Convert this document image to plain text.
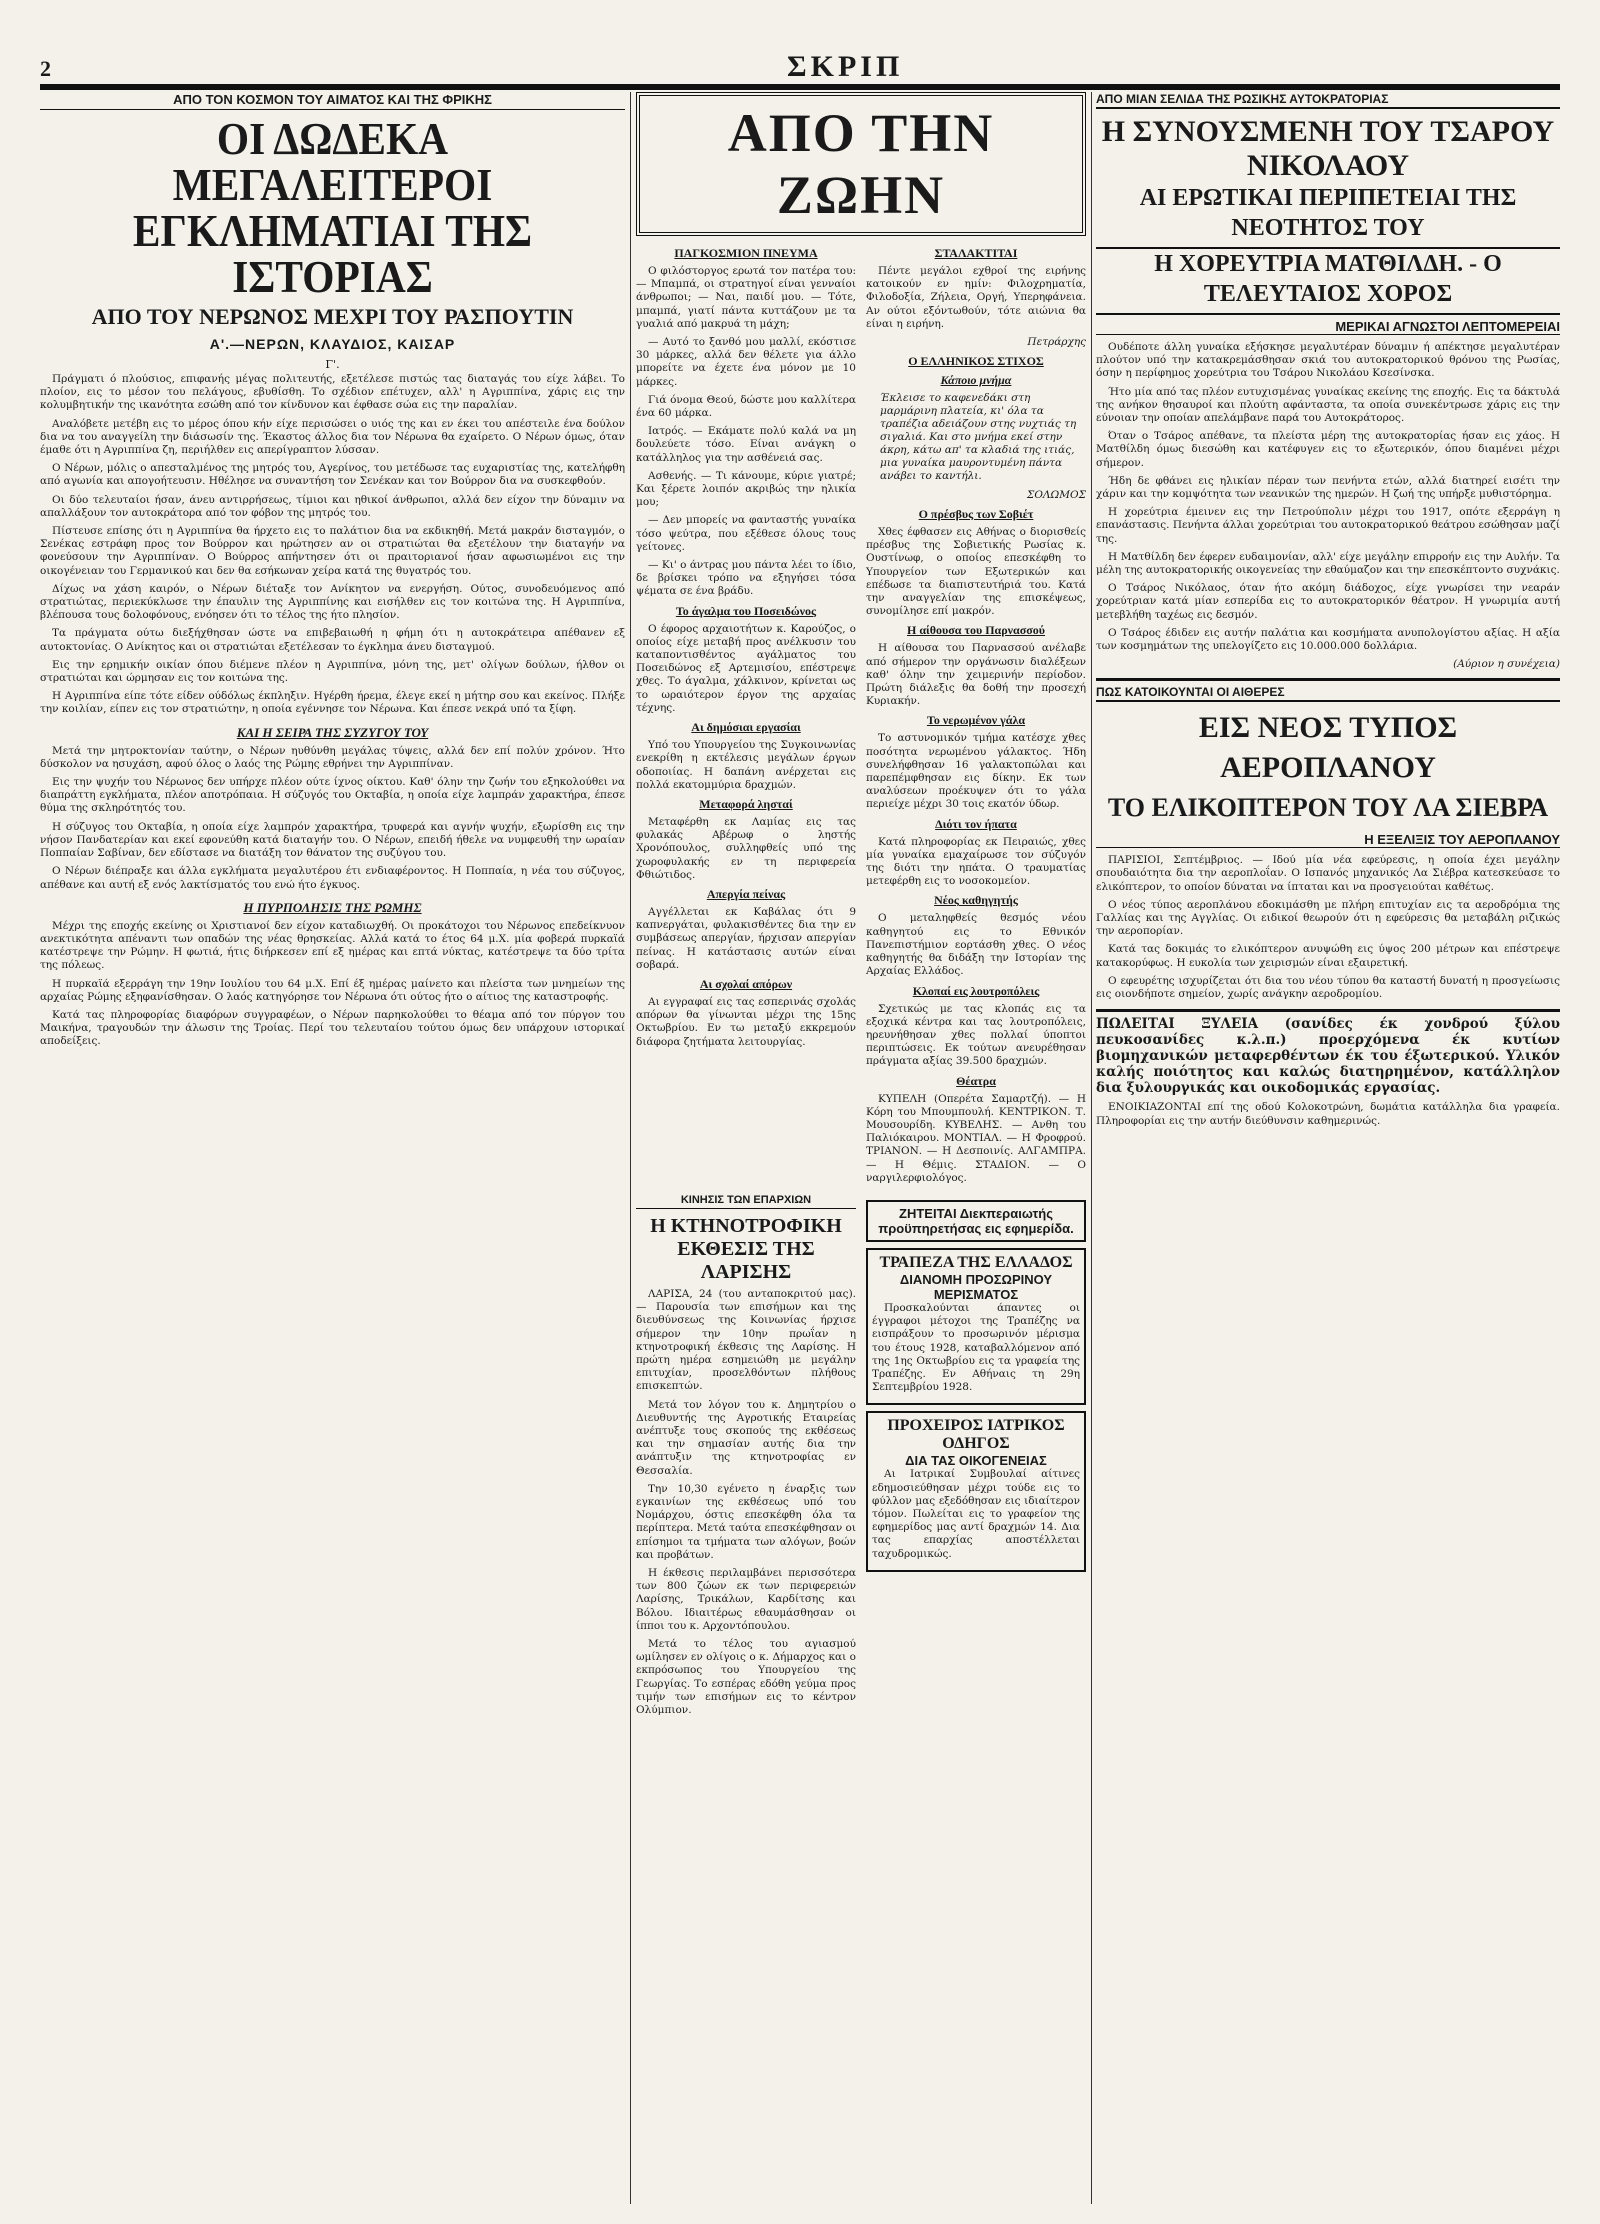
2	ΣΚΡΙΠ
ΑΠΟ ΤΟΝ ΚΟΣΜΟΝ ΤΟΥ ΑΙΜΑΤΟΣ ΚΑΙ ΤΗΣ ΦΡΙΚΗΣ
ΟΙ ΔΩΔΕΚΑ ΜΕΓΑΛΕΙΤΕΡΟΙ
ΕΓΚΛΗΜΑΤΙΑΙ ΤΗΣ ΙΣΤΟΡΙΑΣ
ΑΠΟ ΤΟΥ ΝΕΡΩΝΟΣ ΜΕΧΡΙ ΤΟΥ ΡΑΣΠΟΥΤΙΝ
Α'.—ΝΕΡΩΝ, ΚΛΑΥΔΙΟΣ, ΚΑΙΣΑΡ
Γ'.

Πράγματι ό πλούσιος, επιφανής μέγας πολιτευτής, εξετέλεσε πιστώς τας διαταγάς του είχε λάβει. Το πλοίον, εις το μέσον του πελάγους, εβυθίσθη. Το σχέδιον επέτυχεν, αλλ' η Αγριππίνα, χάρις εις την κολυμβητικήν της ικανότητα εσώθη από τον κίνδυνον και έφθασε σώα εις την παραλίαν.

Αναλόβετε μετέβη εις το μέρος όπου κήν είχε περισώσει ο υιός της και εν έκει του απέστειλε ένα δούλον δια να του αναγγείλη την διάσωσίν της. Έκαστος άλλος δια τον Νέρωνα θα εχαίρετο. Ο Νέρων όμως, όταν έμαθε ότι η Αγριππίνα ζη, περιήλθεν εις απερίγραπτον λύσσαν.

Ο Νέρων, μόλις ο απεσταλμένος της μητρός του, Αγερίνος, του μετέδωσε τας ευχαριστίας της, κατελήφθη από αγωνία και απογοήτευσιν. Ηθέλησε να συναντήση τον Σενέκαν και τον Βούρρον δια να συσκεφθούν.

Οι δύο τελευταίοι ήσαν, άνευ αντιρρήσεως, τίμιοι και ηθικοί άνθρωποι, αλλά δεν είχον την δύναμιν να απαλλάξουν τον αυτοκράτορα από τον φόβον της μητρός του.

Πίστευσε επίσης ότι η Αγριππίνα θα ήρχετο εις το παλάτιον δια να εκδικηθή. Μετά μακράν δισταγμόν, ο Σενέκας εστράφη προς τον Βούρρον και ηρώτησεν αν οι στρατιώται θα εξετέλουν την διαταγήν να φονεύσουν την Αγριππίναν. Ο Βούρρος απήντησεν ότι οι πραιτοριανοί ήσαν αφωσιωμένοι εις την οικογένειαν του Γερμανικού και δεν θα εσήκωναν χείρα κατά της θυγατρός του.

Δίχως να χάση καιρόν, ο Νέρων διέταξε τον Ανίκητον να ενεργήση. Ούτος, συνοδευόμενος από στρατιώτας, περιεκύκλωσε την έπαυλιν της Αγριππίνης και εισήλθεν εις τον κοιτώνα της. Η Αγριππίνα, βλέπουσα τους δολοφόνους, ενόησεν ότι το τέλος της ήτο πλησίον.

Τα πράγματα ούτω διεξήχθησαν ώστε να επιβεβαιωθή η φήμη ότι η αυτοκράτειρα απέθανεν εξ αυτοκτονίας. Ο Ανίκητος και οι στρατιώται εξετέλεσαν το έγκλημα άνευ δισταγμού.

Εις την ερημικήν οικίαν όπου διέμενε πλέον η Αγριππίνα, μόνη της, μετ' ολίγων δούλων, ήλθον οι στρατιώται και ώρμησαν εις τον κοιτώνα της.

Η Αγριππίνα είπε τότε είδεν ούδόλως έκπληξιν. Ηγέρθη ήρεμα, έλεγε εκεί η μήτηρ σου και εκείνος. Πλήξε την κοιλίαν, είπεν εις τον στρατιώτην, η οποία εγέννησε τον Νέρωνα. Και έπεσε νεκρά υπό τα ξίφη.

ΚΑΙ Η ΣΕΙΡΑ ΤΗΣ ΣΥΖΥΓΟΥ ΤΟΥ

Μετά την μητροκτονίαν ταύτην, ο Νέρων ηυθύνθη μεγάλας τύψεις, αλλά δεν επί πολύν χρόνον. Ήτο δύσκολον να ησυχάση, αφού όλος ο λαός της Ρώμης εθρήνει την Αγριππίναν.

Εις την ψυχήν του Νέρωνος δεν υπήρχε πλέον ούτε ίχνος οίκτου. Καθ' όλην την ζωήν του εξηκολούθει να διαπράττη εγκλήματα, πλέον αποτρόπαια. Η σύζυγός του Οκταβία, η οποία είχε λαμπράν χαρακτήρα, έπεσε θύμα της σκληρότητός του.

Η σύζυγος του Οκταβία, η οποία είχε λαμπρόν χαρακτήρα, τρυφερά και αγνήν ψυχήν, εξωρίσθη εις την νήσον Πανδατερίαν και εκεί εφονεύθη κατά διαταγήν του. Ο Νέρων, επειδή ήθελε να νυμφευθή την ωραίαν Ποππαίαν Σαβίναν, δεν εδίστασε να διατάξη τον θάνατον της συζύγου του.

Ο Νέρων διέπραξε και άλλα εγκλήματα μεγαλυτέρου έτι ενδιαφέροντος. Η Ποππαία, η νέα του σύζυγος, απέθανε και αυτή εξ ενός λακτίσματός του ενώ ήτο έγκυος.

Η ΠΥΡΠΟΛΗΣΙΣ ΤΗΣ ΡΩΜΗΣ

Μέχρι της εποχής εκείνης οι Χριστιανοί δεν είχον καταδιωχθή. Οι προκάτοχοι του Νέρωνος επεδείκνυον ανεκτικότητα απέναντι των οπαδών της νέας θρησκείας. Αλλά κατά το έτος 64 μ.Χ. μία φοβερά πυρκαϊά κατέστρεψε την Ρώμην. Η φωτιά, ήτις διήρκεσεν επί εξ ημέρας και επτά νύκτας, κατέστρεψε τα δύο τρίτα της πόλεως.

Η πυρκαϊά εξερράγη την 19ην Ιουλίου του 64 μ.Χ. Επί έξ ημέρας μαίνετο και πλείστα των μνημείων της αρχαίας Ρώμης εξηφανίσθησαν. Ο λαός κατηγόρησε τον Νέρωνα ότι ούτος ήτο ο αίτιος της καταστροφής.

Κατά τας πληροφορίας διαφόρων συγγραφέων, ο Νέρων παρηκολούθει το θέαμα από τον πύργον του Μαικήνα, τραγουδών την άλωσιν της Τροίας. Περί του τελευταίου τούτου όμως δεν υπάρχουν ιστορικαί αποδείξεις.

ΑΠΟ ΤΗΝ ΖΩΗΝ
ΠΑΓΚΟΣΜΙΟΝ ΠΝΕΥΜΑ

Ο φιλόστοργος ερωτά τον πατέρα του: — Μπαμπά, οι στρατηγοί είναι γενναίοι άνθρωποι; — Ναι, παιδί μου. — Τότε, μπαμπά, γιατί πάντα κυττάζουν με τα γυαλιά από μακρυά τη μάχη;

— Αυτό το ξανθό μου μαλλί, εκόστισε 30 μάρκες, αλλά δεν θέλετε για άλλο μπορείτε να έχετε ένα μόνον με 10 μάρκες.

Γιά όνομα Θεού, δώστε μου καλλίτερα ένα 60 μάρκα.

Ιατρός. — Εκάματε πολύ καλά να μη δουλεύετε τόσο. Είναι ανάγκη ο κατάλληλος για την ασθένειά σας.

Ασθενής. — Τι κάνουμε, κύριε γιατρέ; Και ξέρετε λοιπόν ακριβώς την ηλικία μου;

— Δεν μπορείς να φανταστής γυναίκα τόσο ψεύτρα, που εξέθεσε όλους τους γείτονες.

— Κι' ο άντρας μου πάντα λέει το ίδιο, δε βρίσκει τρόπο να εξηγήσει τόσα ψέματα σε ένα βράδυ.

Το άγαλμα του Ποσειδώνος

Ο έφορος αρχαιοτήτων κ. Καρούζος, ο οποίος είχε μεταβή προς ανέλκυσιν του καταποντισθέντος αγάλματος του Ποσειδώνος εξ Αρτεμισίου, επέστρεψε χθες. Το άγαλμα, χάλκινον, κρίνεται ως το ωραιότερον έργον της αρχαίας τέχνης.

Αι δημόσιαι εργασίαι

Υπό του Υπουργείου της Συγκοινωνίας ενεκρίθη η εκτέλεσις μεγάλων έργων οδοποιίας. Η δαπάνη ανέρχεται εις πολλά εκατομμύρια δραχμών.

Μεταφορά λησταί

Μεταφέρθη εκ Λαμίας εις τας φυλακάς Αβέρωφ ο ληστής Χρονόπουλος, συλληφθείς υπό της χωροφυλακής εν τη περιφερεία Φθιώτιδος.

Απεργία πείνας

Αγγέλλεται εκ Καβάλας ότι 9 καπνεργάται, φυλακισθέντες δια την εν συμβάσεως απεργίαν, ήρχισαν απεργίαν πείνας. Η κατάστασις αυτών είναι σοβαρά.

Αι σχολαί απόρων

Αι εγγραφαί εις τας εσπερινάς σχολάς απόρων θα γίνωνται μέχρι της 15ης Οκτωβρίου. Εν τω μεταξύ εκκρεμούν διάφορα ζητήματα λειτουργίας.

ΣΤΑΛΑΚΤΙΤΑΙ

Πέντε μεγάλοι εχθροί της ειρήνης κατοικούν εν ημίν: Φιλοχρηματία, Φιλοδοξία, Ζήλεια, Οργή, Υπερηφάνεια. Αν ούτοι εξόντωθούν, τότε αιώνια θα είναι η ειρήνη.

Πετράρχης
Ο ΕΛΛΗΝΙΚΟΣ ΣΤΙΧΟΣ
Κάποιο μνήμα
Έκλεισε το καφενεδάκι στη μαρμάρινη πλατεία, κι' όλα τα τραπέζια αδειάζουν στης νυχτιάς τη σιγαλιά. Και στο μνήμα εκεί στην άκρη, κάτω απ' τα κλαδιά της ιτιάς, μια γυναίκα μαυροντυμένη πάντα ανάβει το καντήλι.
ΣΟΛΩΜΟΣ
Ο πρέσβυς των Σοβιέτ

Χθες έφθασεν εις Αθήνας ο διορισθείς πρέσβυς της Σοβιετικής Ρωσίας κ. Ουστίνωφ, ο οποίος επεσκέφθη το Υπουργείον των Εξωτερικών και επέδωσε τα διαπιστευτήριά του. Κατά την αναγγελίαν της επισκέψεως, συνομίλησε επί μακρόν.

Η αίθουσα του Παρνασσού

Η αίθουσα του Παρνασσού ανέλαβε από σήμερον την οργάνωσιν διαλέξεων καθ' όλην την χειμερινήν περίοδον. Πρώτη διάλεξις θα δοθή την προσεχή Κυριακήν.

Το νερωμένον γάλα

Το αστυνομικόν τμήμα κατέσχε χθες ποσότητα νερωμένου γάλακτος. Ήδη συνελήφθησαν 16 γαλακτοπώλαι και παρεπέμφθησαν εις δίκην. Εκ των αναλύσεων προέκυψεν ότι το γάλα περιείχε μέχρι 30 τοις εκατόν ύδωρ.

Διότι τον ήπατα

Κατά πληροφορίας εκ Πειραιώς, χθες μία γυναίκα εμαχαίρωσε τον σύζυγόν της διότι την ηπάτα. Ο τραυματίας μετεφέρθη εις το νοσοκομείον.

Νέος καθηγητής

Ο μεταληφθείς θεσμός νέου καθηγητού εις το Εθνικόν Πανεπιστήμιον εορτάσθη χθες. Ο νέος καθηγητής θα διδάξη την Ιστορίαν της Αρχαίας Ελλάδος.

Κλοπαί εις λουτροπόλεις

Σχετικώς με τας κλοπάς εις τα εξοχικά κέντρα και τας λουτροπόλεις, ηρευνήθησαν χθες πολλαί ύποπτοι περιπτώσεις. Εκ τούτων ανευρέθησαν πράγματα αξίας 39.500 δραχμών.

Θέατρα

ΚΥΠΕΛΗ (Οπερέτα Σαμαρτζή). — Η Κόρη του Μπουμπουλή. ΚΕΝΤΡΙΚΟΝ. Τ. Μουσουρίδη. ΚΥΒΕΛΗΣ. — Ανθη του Παλιόκαιρου. ΜΟΝΤΙΑΛ. — Η Φροφρού. ΤΡΙΑΝΟΝ. — Η Δεσποινίς. ΑΛΓΑΜΠΡΑ. — Η Θέμις. ΣΤΑΔΙΟΝ. — Ο ναργιλερφιολόγος.

ΚΙΝΗΣΙΣ ΤΩΝ ΕΠΑΡΧΙΩΝ
Η ΚΤΗΝΟΤΡΟΦΙΚΗ ΕΚΘΕΣΙΣ ΤΗΣ ΛΑΡΙΣΗΣ

ΛΑΡΙΣΑ, 24 (του ανταποκριτού μας). — Παρουσία των επισήμων και της διευθύνσεως της Κοινωνίας ήρχισε σήμερον την 10ην πρωΐαν η κτηνοτροφική έκθεσις της Λαρίσης. Η πρώτη ημέρα εσημειώθη με μεγάλην επιτυχίαν, προσελθόντων πλήθους επισκεπτών.

Μετά τον λόγον του κ. Δημητρίου ο Διευθυντής της Αγροτικής Εταιρείας ανέπτυξε τους σκοπούς της εκθέσεως και την σημασίαν αυτής δια την ανάπτυξιν της κτηνοτροφίας εν Θεσσαλία.

Την 10,30 εγένετο η έναρξις των εγκαινίων της εκθέσεως υπό του Νομάρχου, όστις επεσκέφθη όλα τα περίπτερα. Μετά ταύτα επεσκέφθησαν οι επίσημοι τα τμήματα των αλόγων, βοών και προβάτων.

Η έκθεσις περιλαμβάνει περισσότερα των 800 ζώων εκ των περιφερειών Λαρίσης, Τρικάλων, Καρδίτσης και Βόλου. Ιδιαιτέρως εθαυμάσθησαν οι ίπποι του κ. Αρχοντόπουλου.

Μετά το τέλος του αγιασμού ωμίλησεν εν ολίγοις ο κ. Δήμαρχος και ο εκπρόσωπος του Υπουργείου της Γεωργίας. Το εσπέρας εδόθη γεύμα προς τιμήν των επισήμων εις το κέντρον Ολύμπιον.

ΖΗΤΕΙΤΑΙ Διεκπεραιωτής προϋπηρετήσας εις εφημερίδα.
ΤΡΑΠΕΖΑ ΤΗΣ ΕΛΛΑΔΟΣ
ΔΙΑΝΟΜΗ ΠΡΟΣΩΡΙΝΟΥ ΜΕΡΙΣΜΑΤΟΣ

Προσκαλούνται άπαντες οι έγγραφοι μέτοχοι της Τραπέζης να εισπράξουν το προσωρινόν μέρισμα του έτους 1928, καταβαλλόμενον από της 1ης Οκτωβρίου εις τα γραφεία της Τραπέζης. Εν Αθήναις τη 29η Σεπτεμβρίου 1928.

ΠΡΟΧΕΙΡΟΣ ΙΑΤΡΙΚΟΣ ΟΔΗΓΟΣ
ΔΙΑ ΤΑΣ ΟΙΚΟΓΕΝΕΙΑΣ

Αι Ιατρικαί Συμβουλαί αίτινες εδημοσιεύθησαν μέχρι τούδε εις το φύλλον μας εξεδόθησαν εις ιδιαίτερον τόμον. Πωλείται εις το γραφείον της εφημερίδος μας αντί δραχμών 14. Δια τας επαρχίας αποστέλλεται ταχυδρομικώς.

ΑΠΟ ΜΙΑΝ ΣΕΛΙΔΑ ΤΗΣ ΡΩΣΙΚΗΣ ΑΥΤΟΚΡΑΤΟΡΙΑΣ
Η ΣΥΝΟΥΣΜΕΝΗ ΤΟΥ ΤΣΑΡΟΥ ΝΙΚΟΛΑΟΥ
ΑΙ ΕΡΩΤΙΚΑΙ ΠΕΡΙΠΕΤΕΙΑΙ ΤΗΣ ΝΕΟΤΗΤΟΣ ΤΟΥ
Η ΧΟΡΕΥΤΡΙΑ ΜΑΤΘΙΛΔΗ. - Ο ΤΕΛΕΥΤΑΙΟΣ ΧΟΡΟΣ
ΜΕΡΙΚΑΙ ΑΓΝΩΣΤΟΙ ΛΕΠΤΟΜΕΡΕΙΑΙ

Ουδέποτε άλλη γυναίκα εξήσκησε μεγαλυτέραν δύναμιν ή απέκτησε μεγαλυτέραν πλούτον υπό την κατακρεμάσθησαν σκιά του αυτοκρατορικού θρόνου της Ρωσίας, όσην η περίφημος χορεύτρια του Τσάρου Νικολάου Κσεσίνσκα.

Ήτο μία από τας πλέον ευτυχισμένας γυναίκας εκείνης της εποχής. Εις τα δάκτυλά της ανήκον θησαυροί και πλούτη αφάνταστα, τα οποία συνεκέντρωσε χάρις εις την εύνοιαν την οποίαν απελάμβανε παρά του Αυτοκράτορος.

Όταν ο Τσάρος απέθανε, τα πλείστα μέρη της αυτοκρατορίας ήσαν εις χάος. Η Ματθίλδη όμως διεσώθη και κατέφυγεν εις το εξωτερικόν, όπου διαμένει μέχρι σήμερον.

Ήδη δε φθάνει εις ηλικίαν πέραν των πενήντα ετών, αλλά διατηρεί εισέτι την χάριν και την κομψότητα των νεανικών της ημερών. Η ζωή της υπήρξε μυθιστόρημα.

Η χορεύτρια έμεινεν εις την Πετρούπολιν μέχρι του 1917, οπότε εξερράγη η επανάστασις. Πενήντα άλλαι χορεύτριαι του αυτοκρατορικού θεάτρου εσώθησαν μαζί της.

Η Ματθίλδη δεν έφερεν ευδαιμονίαν, αλλ' είχε μεγάλην επιρροήν εις την Αυλήν. Τα μέλη της αυτοκρατορικής οικογενείας την εθαύμαζον και την επεσκέπτοντο συχνάκις.

Ο Τσάρος Νικόλαος, όταν ήτο ακόμη διάδοχος, είχε γνωρίσει την νεαράν χορεύτριαν κατά μίαν εσπερίδα εις το αυτοκρατορικόν θέατρον. Η γνωριμία αυτή μετεβλήθη ταχέως εις δεσμόν.

Ο Τσάρος έδιδεν εις αυτήν παλάτια και κοσμήματα ανυπολογίστου αξίας. Η αξία των κοσμημάτων της υπελογίζετο εις 10.000.000 δολλάρια.

(Αύριον η συνέχεια)
ΠΩΣ ΚΑΤΟΙΚΟΥΝΤΑΙ ΟΙ ΑΙΘΕΡΕΣ
ΕΙΣ ΝΕΟΣ ΤΥΠΟΣ ΑΕΡΟΠΛΑΝΟΥ
ΤΟ ΕΛΙΚΟΠΤΕΡΟΝ ΤΟΥ ΛΑ ΣΙΕΒΡΑ
Η ΕΞΕΛΙΞΙΣ ΤΟΥ ΑΕΡΟΠΛΑΝΟΥ

ΠΑΡΙΣΙΟΙ, Σεπτέμβριος. — Ιδού μία νέα εφεύρεσις, η οποία έχει μεγάλην σπουδαιότητα δια την αεροπλοΐαν. Ο Ισπανός μηχανικός Λα Σιέβρα κατεσκεύασε το ελικόπτερον, το οποίον δύναται να ίπταται και να προσγειούται καθέτως.

Ο νέος τύπος αεροπλάνου εδοκιμάσθη με πλήρη επιτυχίαν εις τα αεροδρόμια της Γαλλίας και της Αγγλίας. Οι ειδικοί θεωρούν ότι η εφεύρεσις θα μεταβάλη ριζικώς την αεροπορίαν.

Κατά τας δοκιμάς το ελικόπτερον ανυψώθη εις ύψος 200 μέτρων και επέστρεψε κατακορύφως. Η ευκολία των χειρισμών είναι εξαιρετική.

Ο εφευρέτης ισχυρίζεται ότι δια του νέου τύπου θα καταστή δυνατή η προσγείωσις εις οιονδήποτε σημείον, χωρίς ανάγκην αεροδρομίου.

ΠΩΛΕΙΤΑΙ ΞΥΛΕΙΑ (σανίδες έκ χονδρού ξύλου πευκοσανίδες κ.λ.π.) προερχόμενα έκ κυτίων βιομηχανικών μεταφερθέντων έκ του έξωτερικού. Υλικόν καλής ποιότητος και καλώς διατηρημένον, κατάλληλον δια ξυλουργικάς και οικοδομικάς εργασίας.

ΕΝΟΙΚΙΑΖΟΝΤΑΙ επί της οδού Κολοκοτρώνη, δωμάτια κατάλληλα δια γραφεία. Πληροφορίαι εις την αυτήν διεύθυνσιν καθημερινώς.
